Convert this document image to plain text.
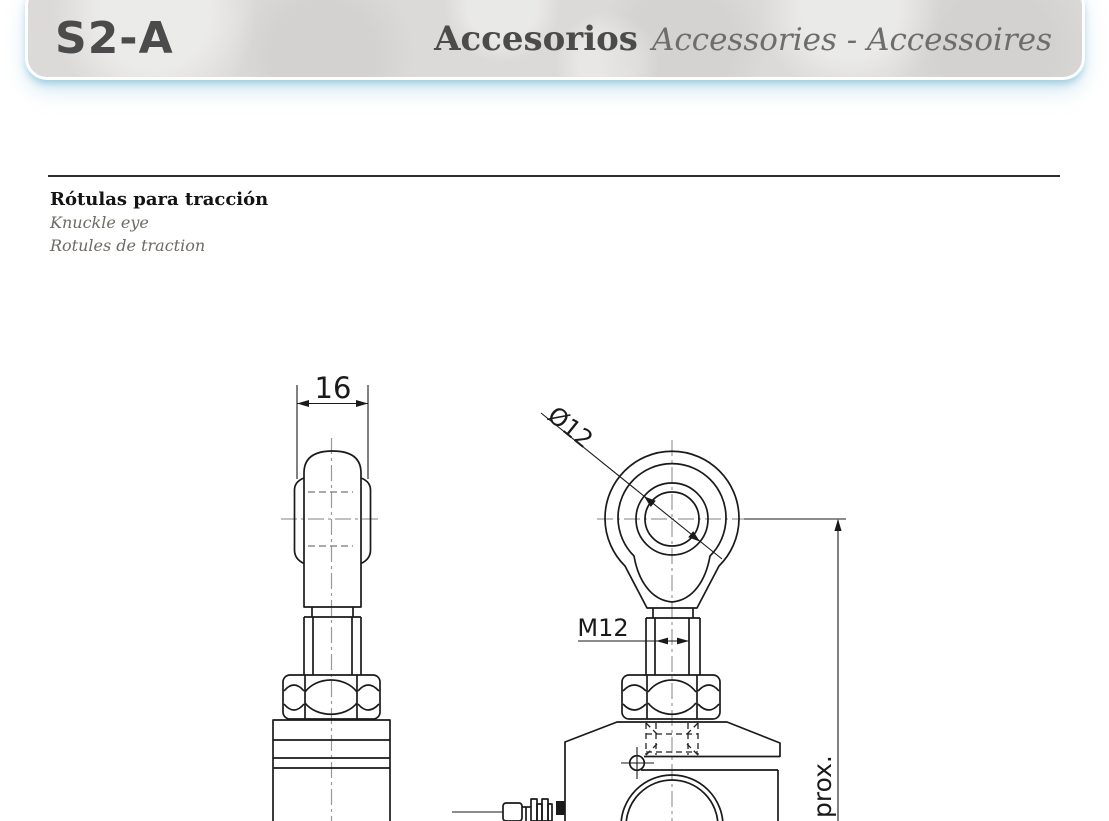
S2-A	Accesorios Accessories - Accessoires
Rótulas para tracción
Knuckle eye
Rotules de traction
16
Ø12
M12
prox.
